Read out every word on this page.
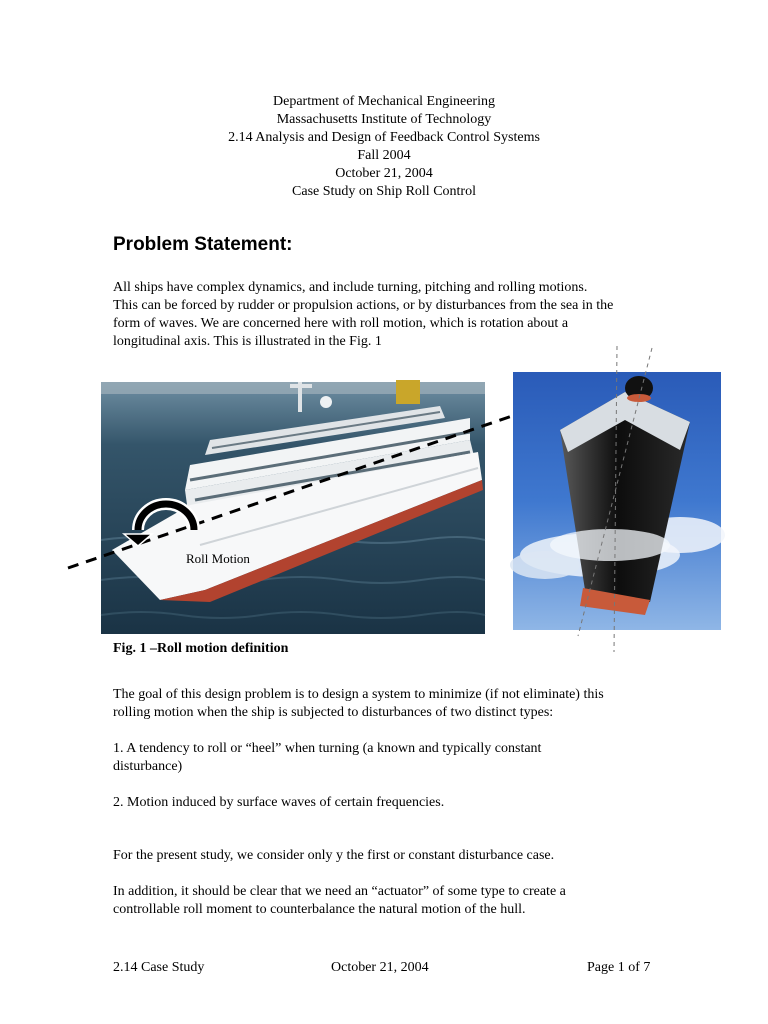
Department of Mechanical Engineering
Massachusetts Institute of Technology
2.14 Analysis and Design of Feedback Control Systems
Fall 2004
October 21, 2004
Case Study on Ship Roll Control
Problem Statement:

All ships have complex dynamics, and include turning, pitching and rolling motions.
This can be forced by rudder or propulsion actions, or by disturbances from the sea in the
form of waves. We are concerned here with roll motion, which is rotation about a
longitudinal axis. This is illustrated in the Fig. 1

Roll Motion

Fig. 1 –Roll motion definition

The goal of this design problem is to design a system to minimize (if not eliminate) this
rolling motion when the ship is subjected to disturbances of two distinct types:

1. A tendency to roll or “heel” when turning (a known and typically constant
disturbance)

2. Motion induced by surface waves of certain frequencies.

For the present study, we consider only y the first or constant disturbance case.

In addition, it should be clear that we need an “actuator” of some type to create a
controllable roll moment to counterbalance the natural motion of the hull.

2.14 Case Study	October 21, 2004	Page 1 of 7
